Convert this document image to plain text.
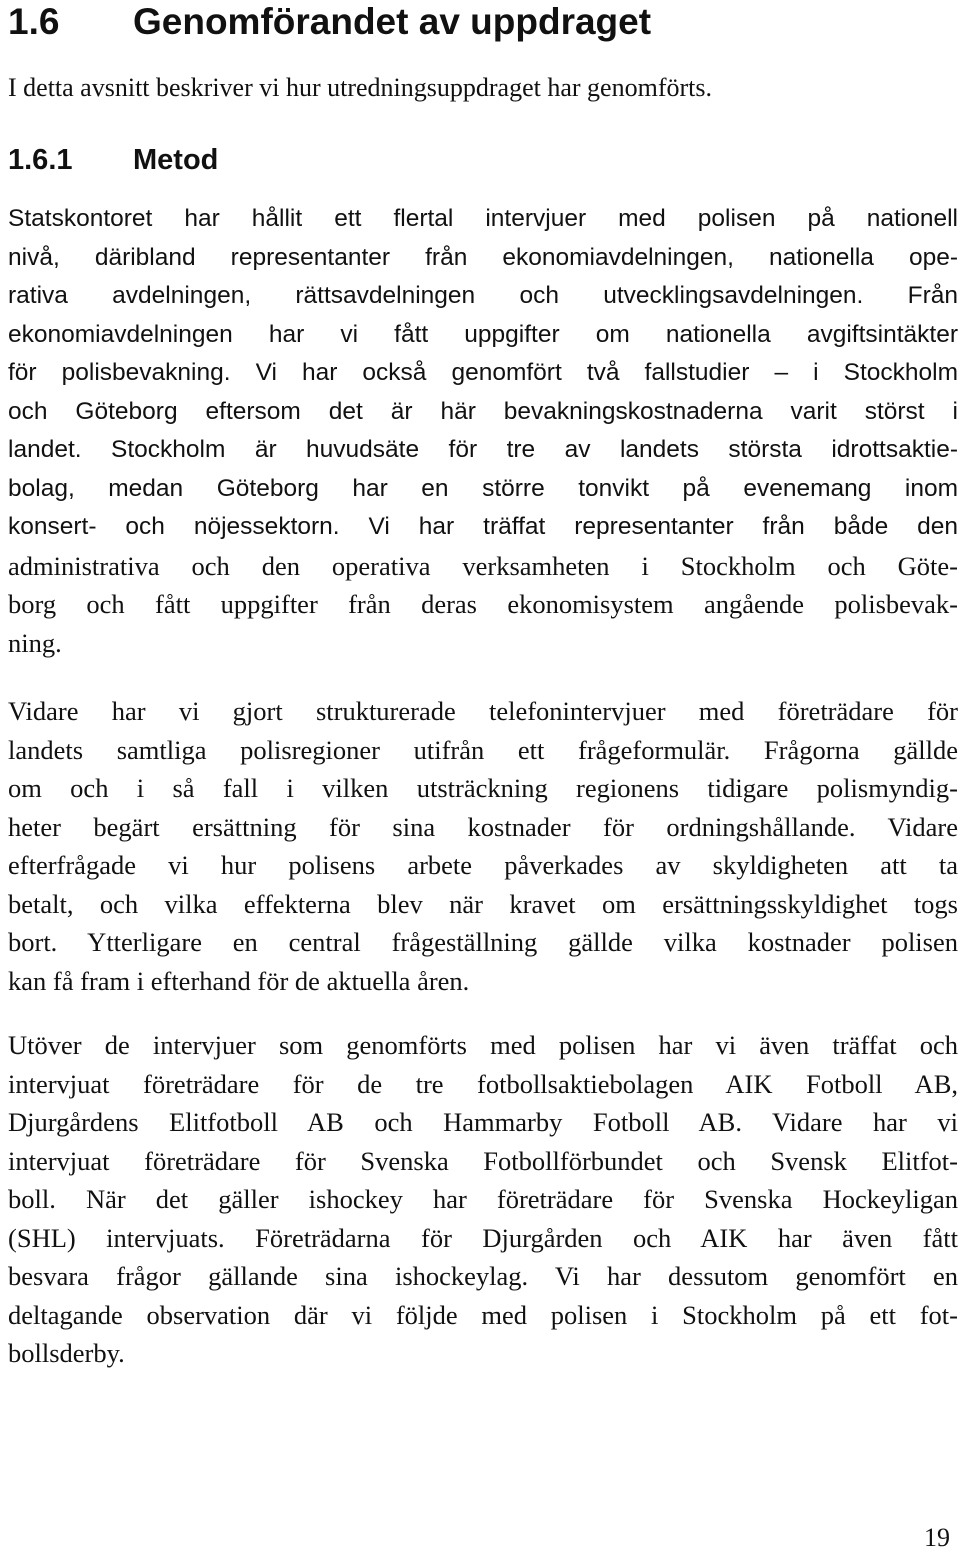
1.6 Genomförandet av uppdraget

I detta avsnitt beskriver vi hur utredningsuppdraget har genomförts.

1.6.1 Metod
Statskontoret har hållit ett flertal intervjuer med polisen på nationell
nivå, däribland representanter från ekonomiavdelningen, nationella ope-
rativa avdelningen, rättsavdelningen och utvecklingsavdelningen. Från
ekonomiavdelningen har vi fått uppgifter om nationella avgiftsintäkter
för polisbevakning. Vi har också genomfört två fallstudier – i Stockholm
och Göteborg eftersom det är här bevakningskostnaderna varit störst i
landet. Stockholm är huvudsäte för tre av landets största idrottsaktie-
bolag, medan Göteborg har en större tonvikt på evenemang inom
konsert- och nöjessektorn. Vi har träffat representanter från både den
administrativa och den operativa verksamheten i Stockholm och Göte-
borg och fått uppgifter från deras ekonomisystem angående polisbevak-
ning.
Vidare har vi gjort strukturerade telefonintervjuer med företrädare för
landets samtliga polisregioner utifrån ett frågeformulär. Frågorna gällde
om och i så fall i vilken utsträckning regionens tidigare polismyndig-
heter begärt ersättning för sina kostnader för ordningshållande. Vidare
efterfrågade vi hur polisens arbete påverkades av skyldigheten att ta
betalt, och vilka effekterna blev när kravet om ersättningsskyldighet togs
bort. Ytterligare en central frågeställning gällde vilka kostnader polisen
kan få fram i efterhand för de aktuella åren.
Utöver de intervjuer som genomförts med polisen har vi även träffat och
intervjuat företrädare för de tre fotbollsaktiebolagen AIK Fotboll AB,
Djurgårdens Elitfotboll AB och Hammarby Fotboll AB. Vidare har vi
intervjuat företrädare för Svenska Fotbollförbundet och Svensk Elitfot-
boll. När det gäller ishockey har företrädare för Svenska Hockeyligan
(SHL) intervjuats. Företrädarna för Djurgården och AIK har även fått
besvara frågor gällande sina ishockeylag. Vi har dessutom genomfört en
deltagande observation där vi följde med polisen i Stockholm på ett fot-
bollsderby.

19
